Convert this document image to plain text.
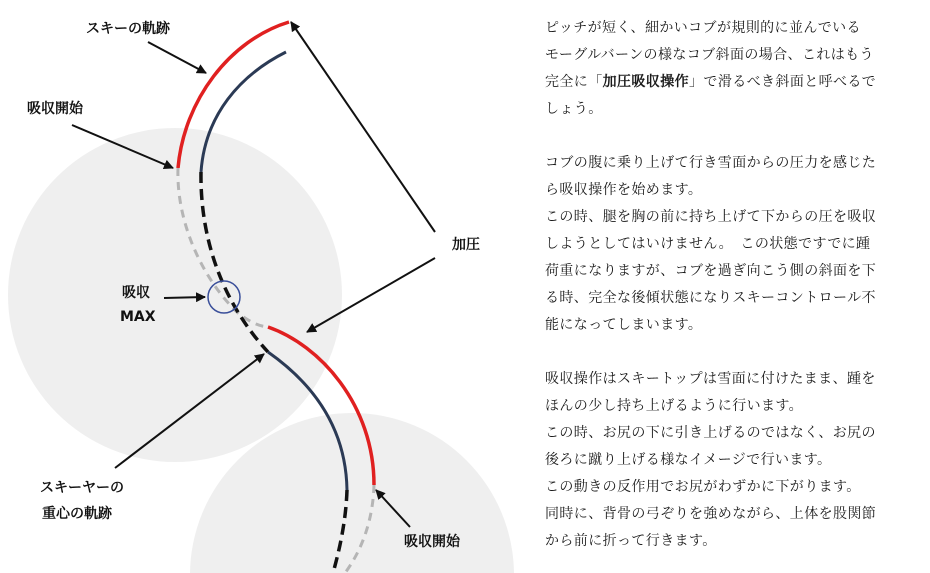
スキーの軌跡
吸収開始
加圧
吸収
MAX
スキーヤーの
重心の軌跡
吸収開始

ピッチが短く、細かいコブが規則的に並んでいる
モーグルバーンの様なコブ斜面の場合、これはもう
完全に「加圧吸収操作」で滑るべき斜面と呼べるで
しょう。

コブの腹に乗り上げて行き雪面からの圧力を感じた
ら吸収操作を始めます。
この時、腿を胸の前に持ち上げて下からの圧を吸収
しようとしてはいけません。　この状態ですでに踵
荷重になりますが、コブを過ぎ向こう側の斜面を下
る時、完全な後傾状態になりスキーコントロール不
能になってしまいます。

吸収操作はスキートップは雪面に付けたまま、踵を
ほんの少し持ち上げるように行います。
この時、お尻の下に引き上げるのではなく、お尻の
後ろに蹴り上げる様なイメージで行います。
この動きの反作用でお尻がわずかに下がります。
同時に、背骨の弓ぞりを強めながら、上体を股関節
から前に折って行きます。
